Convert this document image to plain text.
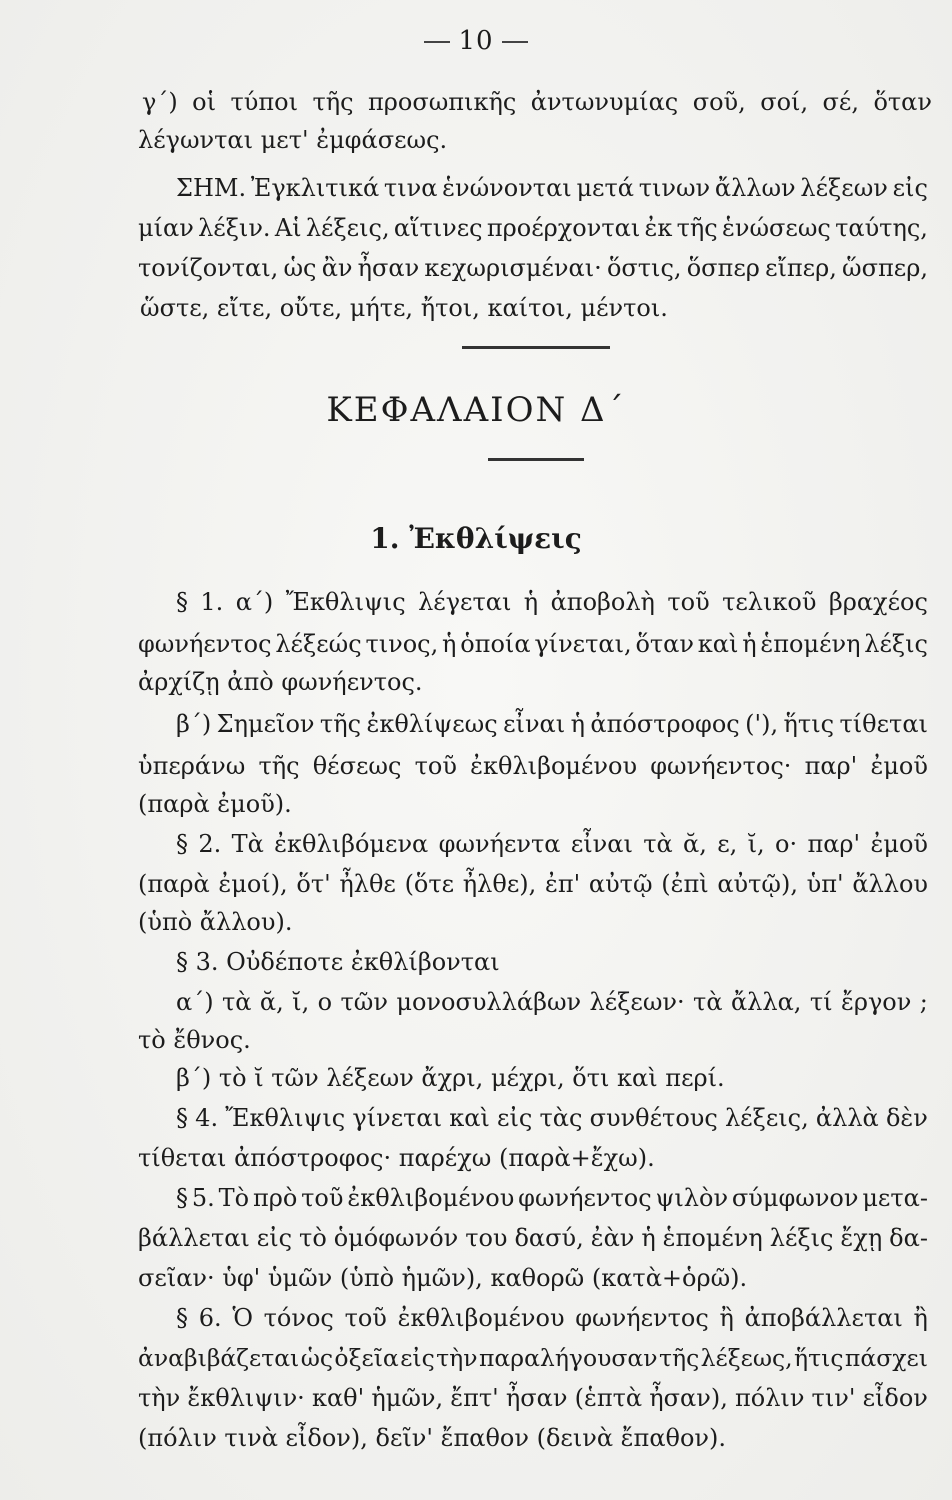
10
γ΄) οἱ τύποι τῆς προσωπικῆς ἀντωνυμίας σοῦ, σοί, σέ, ὅταν
λέγωνται μετ' ἐμφάσεως.
ΣΗΜ. Ἐγκλιτικά τινα ἑνώνονται μετά τινων ἄλλων λέξεων εἰς
μίαν λέξιν. Αἱ λέξεις, αἵτινες προέρχονται ἐκ τῆς ἑνώσεως ταύτης,
τονίζονται, ὡς ἂν ἦσαν κεχωρισμέναι· ὅστις, ὅσπερ εἴπερ, ὥσπερ,
ὥστε, εἴτε, οὔτε, μήτε, ἤτοι, καίτοι, μέντοι.
ΚΕΦΑΛΑΙΟΝ Δ΄
1. Ἐκθλίψεις
§ 1. α΄) Ἔκθλιψις λέγεται ἡ ἀποβολὴ τοῦ τελικοῦ βραχέος
φωνήεντος λέξεώς τινος, ἡ ὁποία γίνεται, ὅταν καὶ ἡ ἑπομένη λέξις
ἀρχίζῃ ἀπὸ φωνήεντος.
β΄) Σημεῖον τῆς ἐκθλίψεως εἶναι ἡ ἀπόστροφος ('), ἥτις τίθεται
ὑπεράνω τῆς θέσεως τοῦ ἐκθλιβομένου φωνήεντος· παρ' ἐμοῦ
(παρὰ ἐμοῦ).
§ 2. Τὰ ἐκθλιβόμενα φωνήεντα εἶναι τὰ ᾰ, ε, ῐ, ο· παρ' ἐμοῦ
(παρὰ ἐμοί), ὅτ' ἦλθε (ὅτε ἦλθε), ἐπ' αὐτῷ (ἐπὶ αὐτῷ), ὑπ' ἄλλου
(ὑπὸ ἄλλου).
§ 3. Οὐδέποτε ἐκθλίβονται
α΄) τὰ ᾰ, ῐ, ο τῶν μονοσυλλάβων λέξεων· τὰ ἄλλα, τί ἔργον ;
τὸ ἔθνος.
β΄) τὸ ῐ τῶν λέξεων ἄχρι, μέχρι, ὅτι καὶ περί.
§ 4. Ἔκθλιψις γίνεται καὶ εἰς τὰς συνθέτους λέξεις, ἀλλὰ δὲν
τίθεται ἀπόστροφος· παρέχω (παρὰ+ἔχω).
§ 5. Τὸ πρὸ τοῦ ἐκθλιβομένου φωνήεντος ψιλὸν σύμφωνον μετα-
βάλλεται εἰς τὸ ὁμόφωνόν του δασύ, ἐὰν ἡ ἑπομένη λέξις ἔχῃ δα-
σεῖαν· ὑφ' ὑμῶν (ὑπὸ ἡμῶν), καθορῶ (κατὰ+ὁρῶ).
§ 6. Ὁ τόνος τοῦ ἐκθλιβομένου φωνήεντος ἢ ἀποβάλλεται ἢ
ἀναβιβάζεται ὡς ὀξεῖα εἰς τὴν παραλήγουσαν τῆς λέξεως, ἥτις πάσχει
τὴν ἔκθλιψιν· καθ' ἡμῶν, ἔπτ' ἦσαν (ἑπτὰ ἦσαν), πόλιν τιν' εἶδον
(πόλιν τινὰ εἶδον), δεῖν' ἔπαθον (δεινὰ ἔπαθον).
